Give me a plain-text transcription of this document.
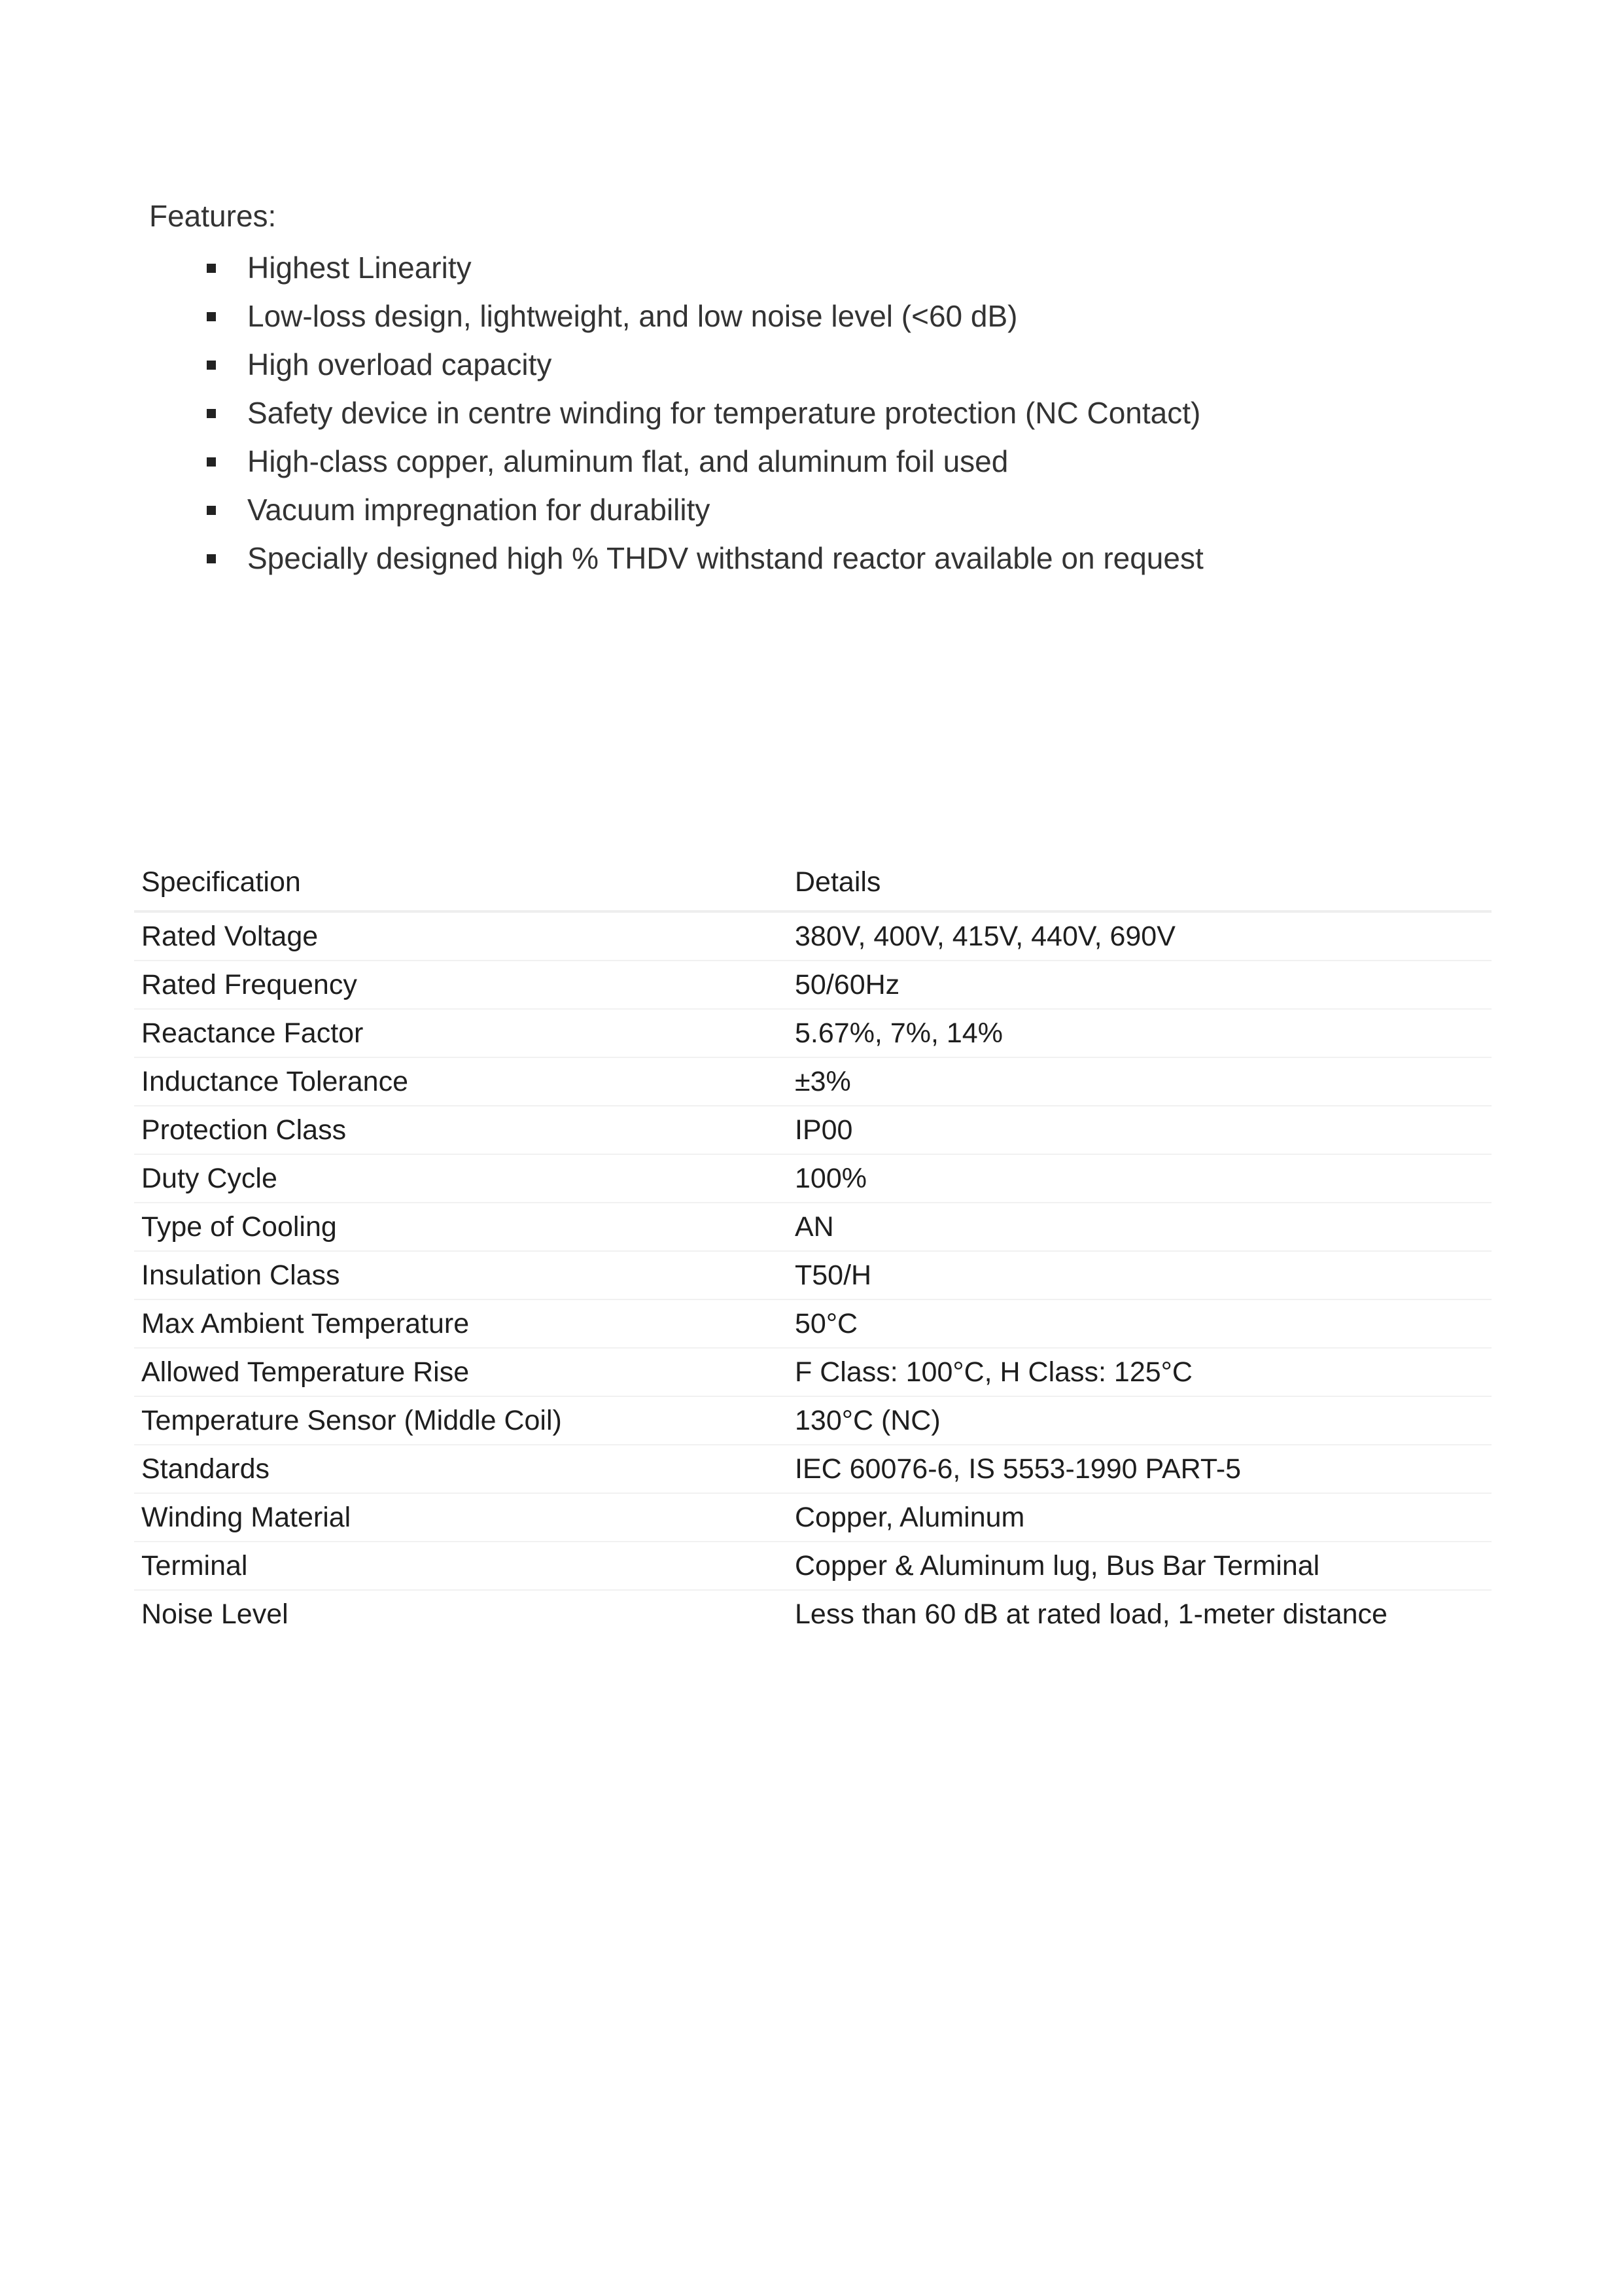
Features:

Highest Linearity
Low-loss design, lightweight, and low noise level (<60 dB)
High overload capacity
Safety device in centre winding for temperature protection (NC Contact)
High-class copper, aluminum flat, and aluminum foil used
Vacuum impregnation for durability
Specially designed high % THDV withstand reactor available on request
Specification	Details
Rated Voltage	380V, 400V, 415V, 440V, 690V
Rated Frequency	50/60Hz
Reactance Factor	5.67%, 7%, 14%
Inductance Tolerance	±3%
Protection Class	IP00
Duty Cycle	100%
Type of Cooling	AN
Insulation Class	T50/H
Max Ambient Temperature	50°C
Allowed Temperature Rise	F Class: 100°C, H Class: 125°C
Temperature Sensor (Middle Coil)	130°C (NC)
Standards	IEC 60076-6, IS 5553-1990 PART-5
Winding Material	Copper, Aluminum
Terminal	Copper & Aluminum lug, Bus Bar Terminal
Noise Level	Less than 60 dB at rated load, 1-meter distance
